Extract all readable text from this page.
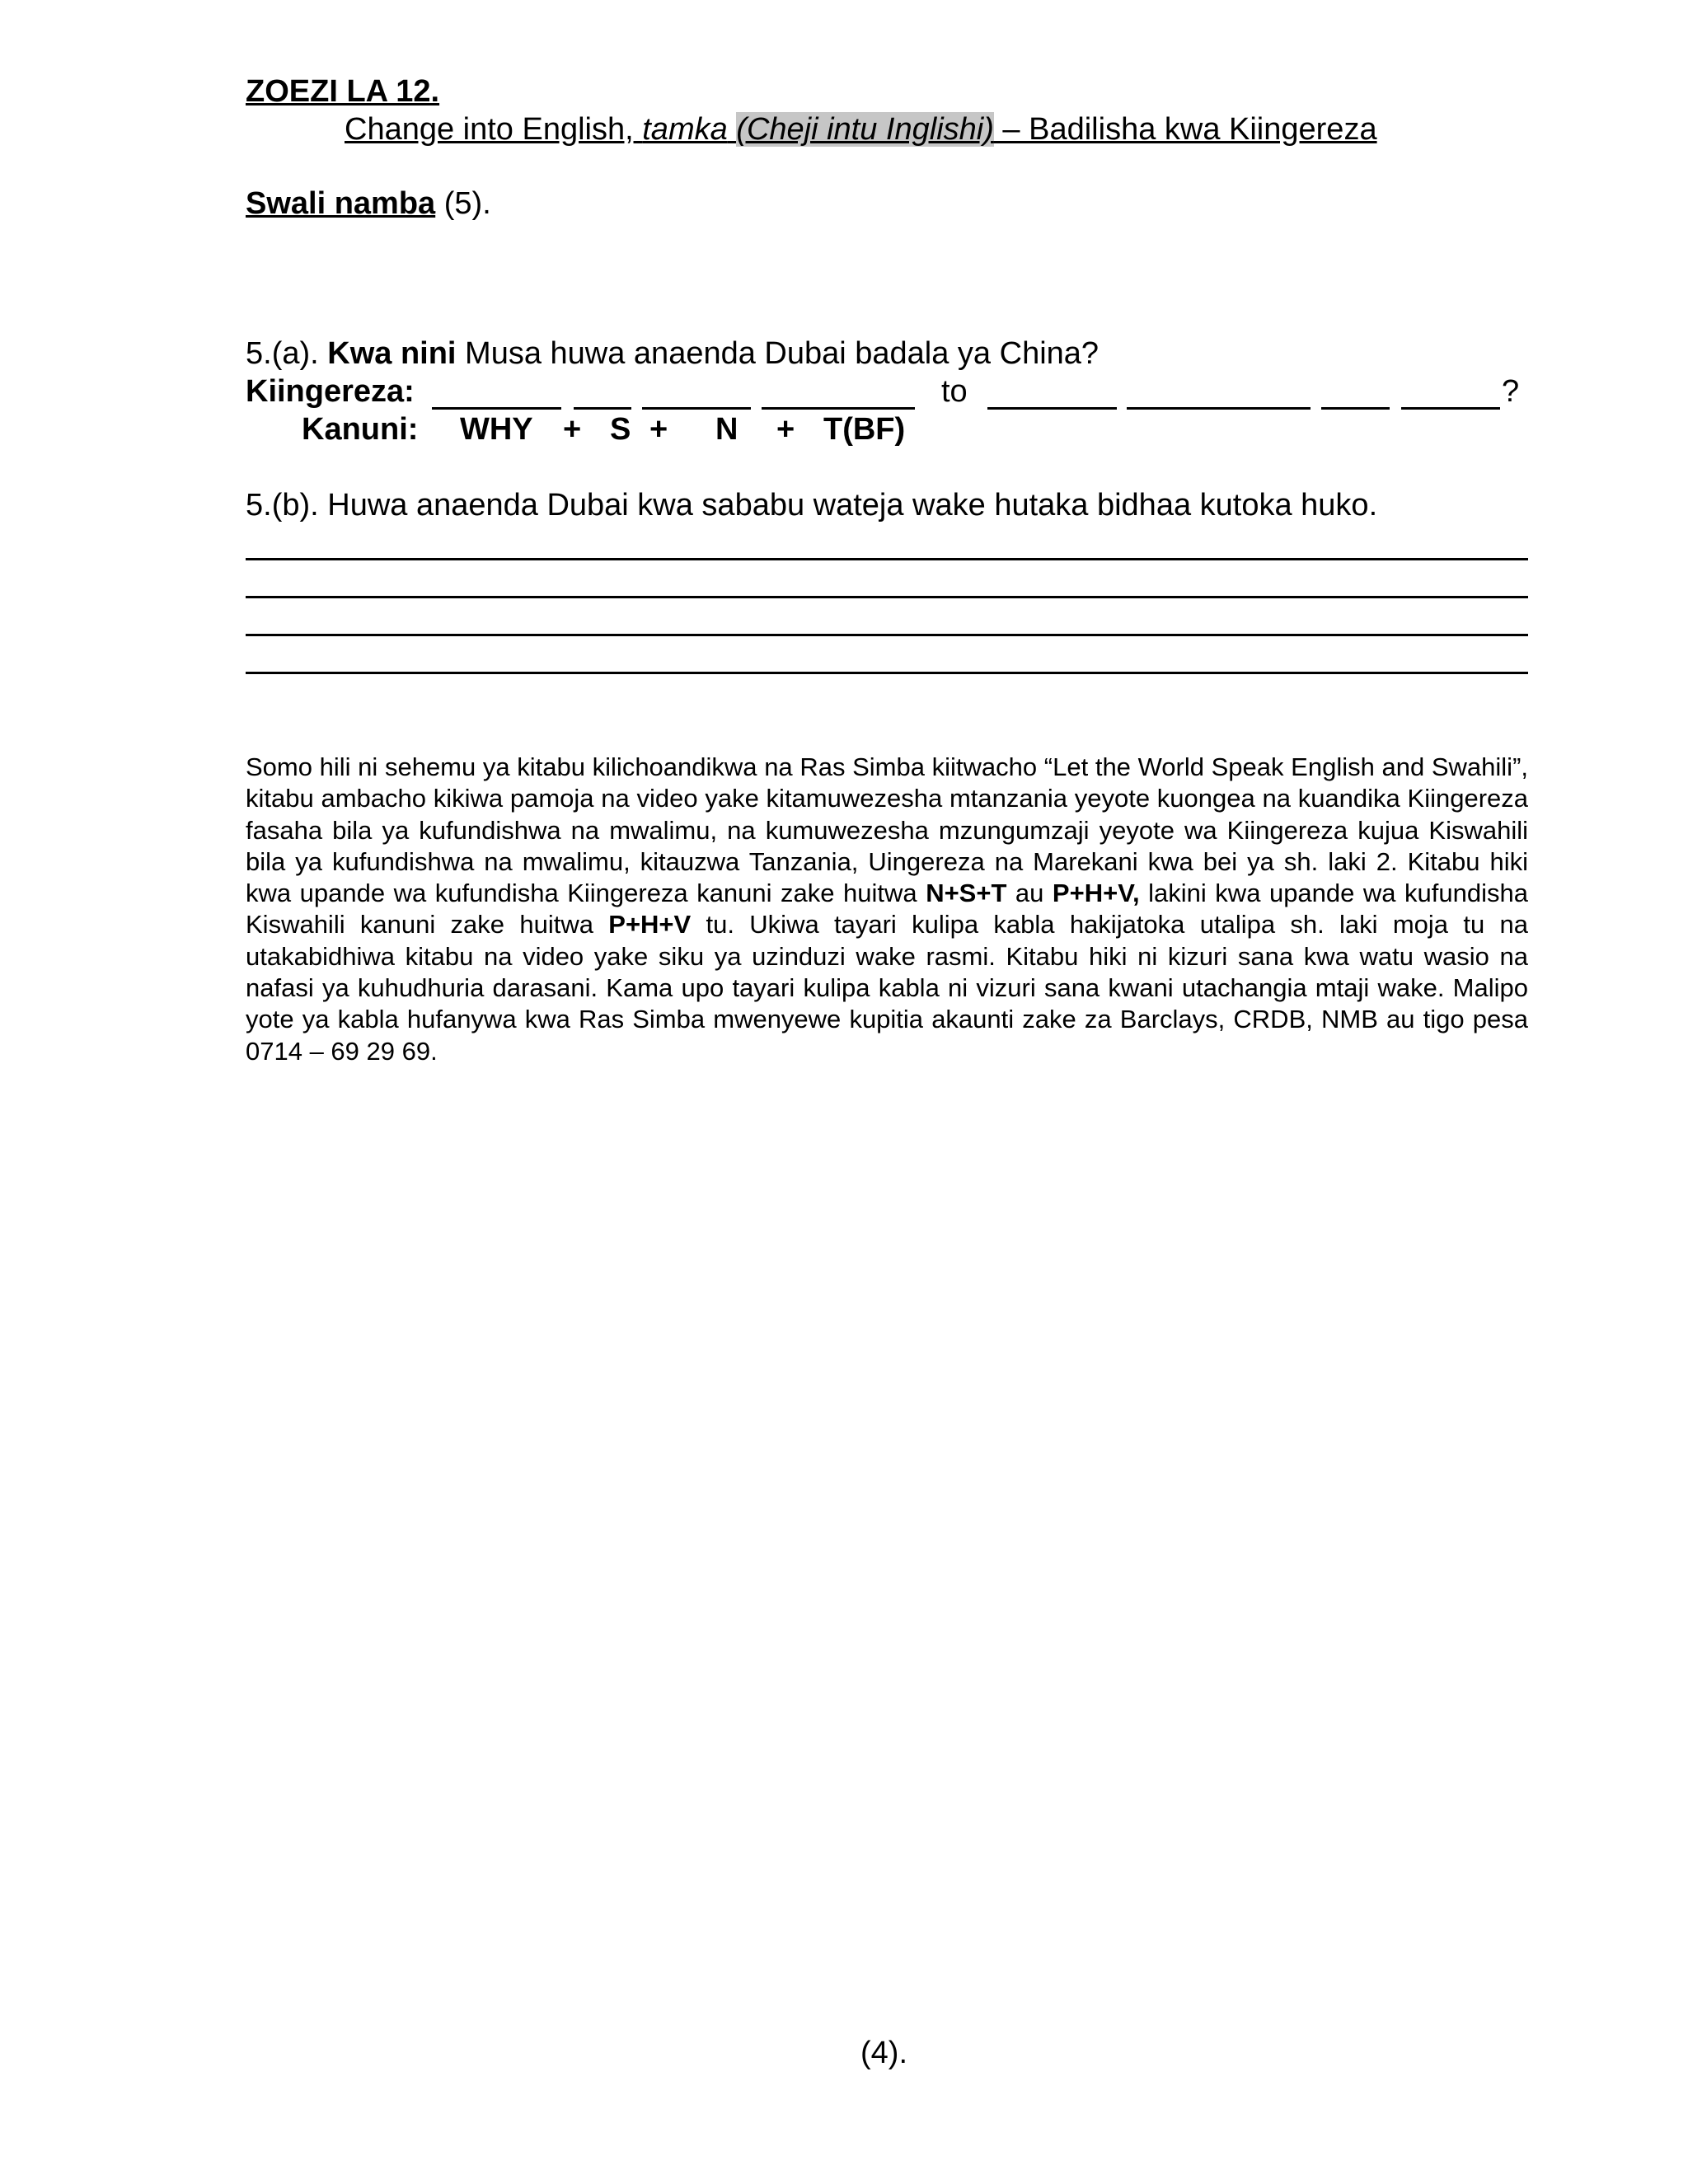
ZOEZI LA 12.
Change into English, tamka (Cheji intu Inglishi) – Badilisha kwa Kiingereza
Swali namba (5).
5.(a). Kwa nini Musa huwa anaenda Dubai badala ya China?
Kiingereza:	to	?
Kanuni: WHY + S + N + T(BF)
5.(b). Huwa anaenda Dubai kwa sababu wateja wake hutaka bidhaa kutoka huko.
Somo hili ni sehemu ya kitabu kilichoandikwa na Ras Simba kiitwacho “Let the World Speak English and Swahili”, kitabu ambacho kikiwa pamoja na video yake kitamuwezesha mtanzania yeyote kuongea na kuandika Kiingereza fasaha bila ya kufundishwa na mwalimu, na kumuwezesha mzungumzaji yeyote wa Kiingereza kujua Kiswahili bila ya kufundishwa na mwalimu, kitauzwa Tanzania, Uingereza na Marekani kwa bei ya sh. laki 2. Kitabu hiki kwa upande wa kufundisha Kiingereza kanuni zake huitwa N+S+T au P+H+V, lakini kwa upande wa kufundisha Kiswahili kanuni zake huitwa P+H+V tu. Ukiwa tayari kulipa kabla hakijatoka utalipa sh. laki moja tu na utakabidhiwa kitabu na video yake siku ya uzinduzi wake rasmi. Kitabu hiki ni kizuri sana kwa watu wasio na nafasi ya kuhudhuria darasani. Kama upo tayari kulipa kabla ni vizuri sana kwani utachangia mtaji wake. Malipo yote ya kabla hufanywa kwa Ras Simba mwenyewe kupitia akaunti zake za Barclays, CRDB, NMB au tigo pesa 0714 – 69 29 69.
(4).
